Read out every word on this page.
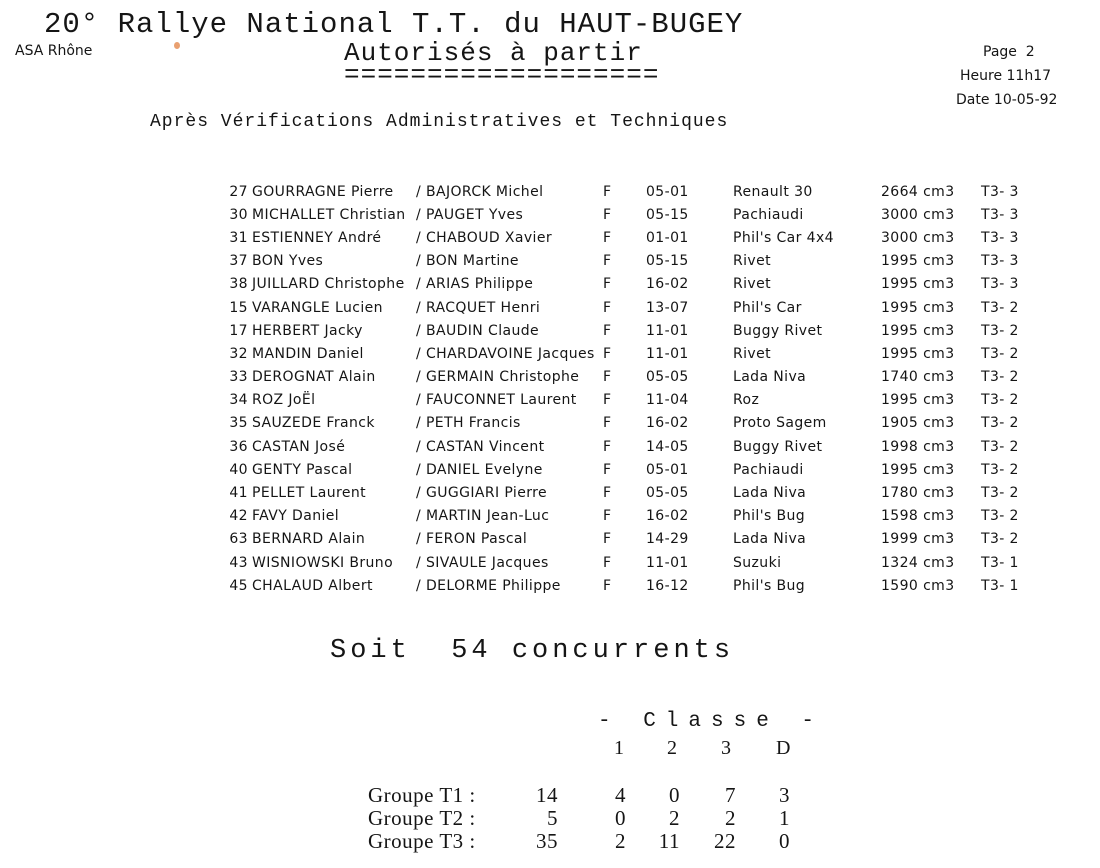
20° Rallye National T.T. du HAUT-BUGEY
ASA Rhône	Autorisés à partir
===================
Page  2
Heure 11h17
Date 10-05-92
Après Vérifications Administratives et Techniques
27	GOURRAGNE Pierre	/ BAJORCK Michel	F	05-01	Renault 30	2664 cm3	T3- 3
30	MICHALLET Christian	/ PAUGET Yves	F	05-15	Pachiaudi	3000 cm3	T3- 3
31	ESTIENNEY André	/ CHABOUD Xavier	F	01-01	Phil's Car 4x4	3000 cm3	T3- 3
37	BON Yves	/ BON Martine	F	05-15	Rivet	1995 cm3	T3- 3
38	JUILLARD Christophe	/ ARIAS Philippe	F	16-02	Rivet	1995 cm3	T3- 3
15	VARANGLE Lucien	/ RACQUET Henri	F	13-07	Phil's Car	1995 cm3	T3- 2
17	HERBERT Jacky	/ BAUDIN Claude	F	11-01	Buggy Rivet	1995 cm3	T3- 2
32	MANDIN Daniel	/ CHARDAVOINE Jacques	F	11-01	Rivet	1995 cm3	T3- 2
33	DEROGNAT Alain	/ GERMAIN Christophe	F	05-05	Lada Niva	1740 cm3	T3- 2
34	ROZ JoËl	/ FAUCONNET Laurent	F	11-04	Roz	1995 cm3	T3- 2
35	SAUZEDE Franck	/ PETH Francis	F	16-02	Proto Sagem	1905 cm3	T3- 2
36	CASTAN José	/ CASTAN Vincent	F	14-05	Buggy Rivet	1998 cm3	T3- 2
40	GENTY Pascal	/ DANIEL Evelyne	F	05-01	Pachiaudi	1995 cm3	T3- 2
41	PELLET Laurent	/ GUGGIARI Pierre	F	05-05	Lada Niva	1780 cm3	T3- 2
42	FAVY Daniel	/ MARTIN Jean-Luc	F	16-02	Phil's Bug	1598 cm3	T3- 2
63	BERNARD Alain	/ FERON Pascal	F	14-29	Lada Niva	1999 cm3	T3- 2
43	WISNIOWSKI Bruno	/ SIVAULE Jacques	F	11-01	Suzuki	1324 cm3	T3- 1
45	CHALAUD Albert	/ DELORME Philippe	F	16-12	Phil's Bug	1590 cm3	T3- 1
Soit  54 concurrents
- Classe -
1 2 3 D
Groupe T1 :	14	4	0	7	3
Groupe T2 :	5	0	2	2	1
Groupe T3 :	35	2	11	22	0
